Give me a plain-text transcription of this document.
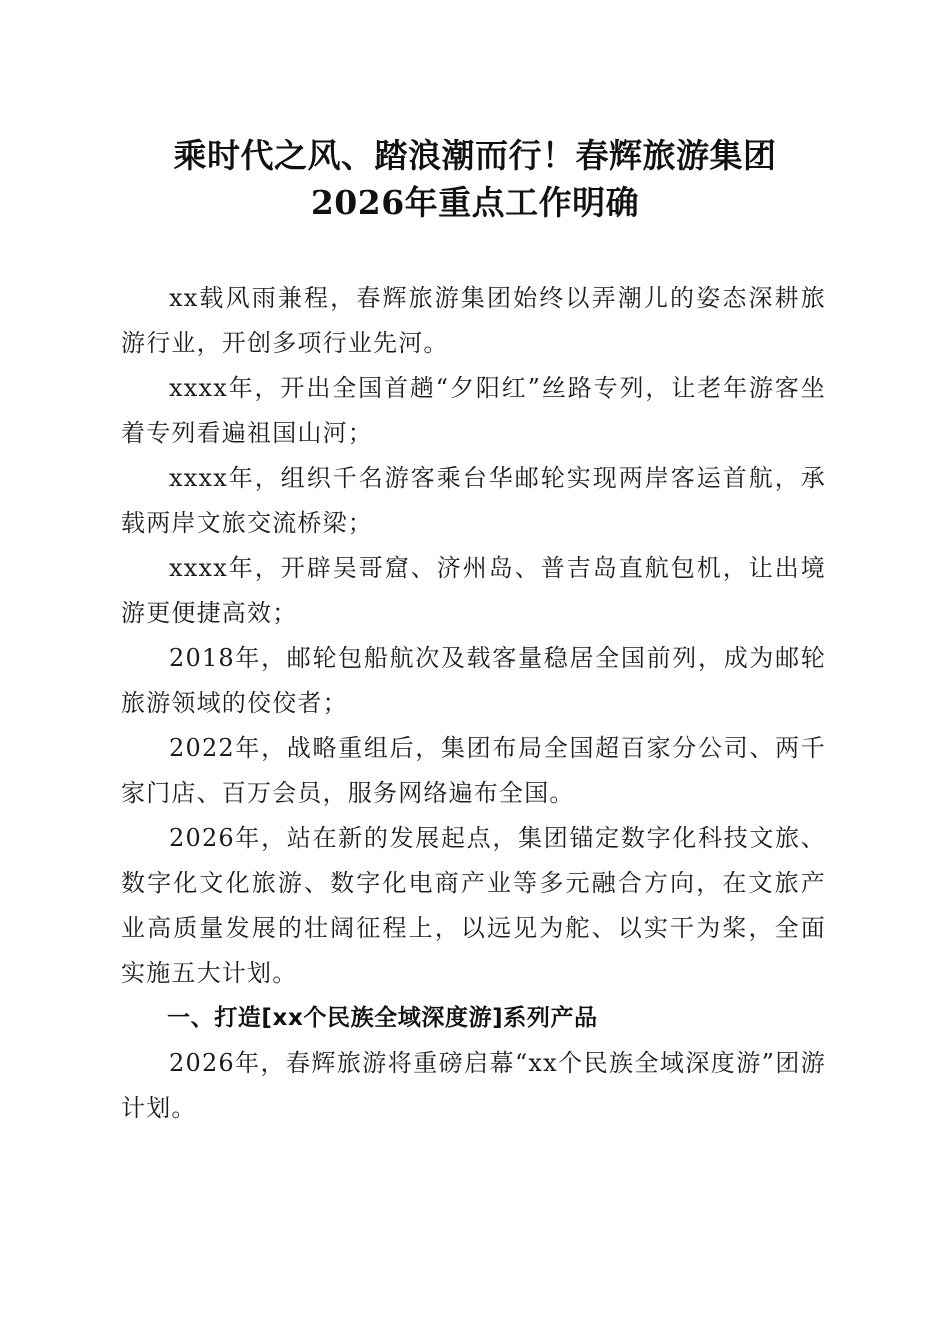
乘时代之风、踏浪潮而行！春辉旅游集团
2026年重点工作明确

xx载风雨兼程，春辉旅游集团始终以弄潮儿的姿态深耕旅游行业，开创多项行业先河。

xxxx年，开出全国首趟“夕阳红”丝路专列，让老年游客坐着专列看遍祖国山河；

xxxx年，组织千名游客乘台华邮轮实现两岸客运首航，承载两岸文旅交流桥梁；

xxxx年，开辟吴哥窟、济州岛、普吉岛直航包机，让出境游更便捷高效；

2018年，邮轮包船航次及载客量稳居全国前列，成为邮轮旅游领域的佼佼者；

2022年，战略重组后，集团布局全国超百家分公司、两千家门店、百万会员，服务网络遍布全国。

2026年，站在新的发展起点，集团锚定数字化科技文旅、数字化文化旅游、数字化电商产业等多元融合方向，在文旅产业高质量发展的壮阔征程上，以远见为舵、以实干为桨，全面实施五大计划。

一、打造[xx个民族全域深度游]系列产品

2026年，春辉旅游将重磅启幕“xx个民族全域深度游”团游计划。
